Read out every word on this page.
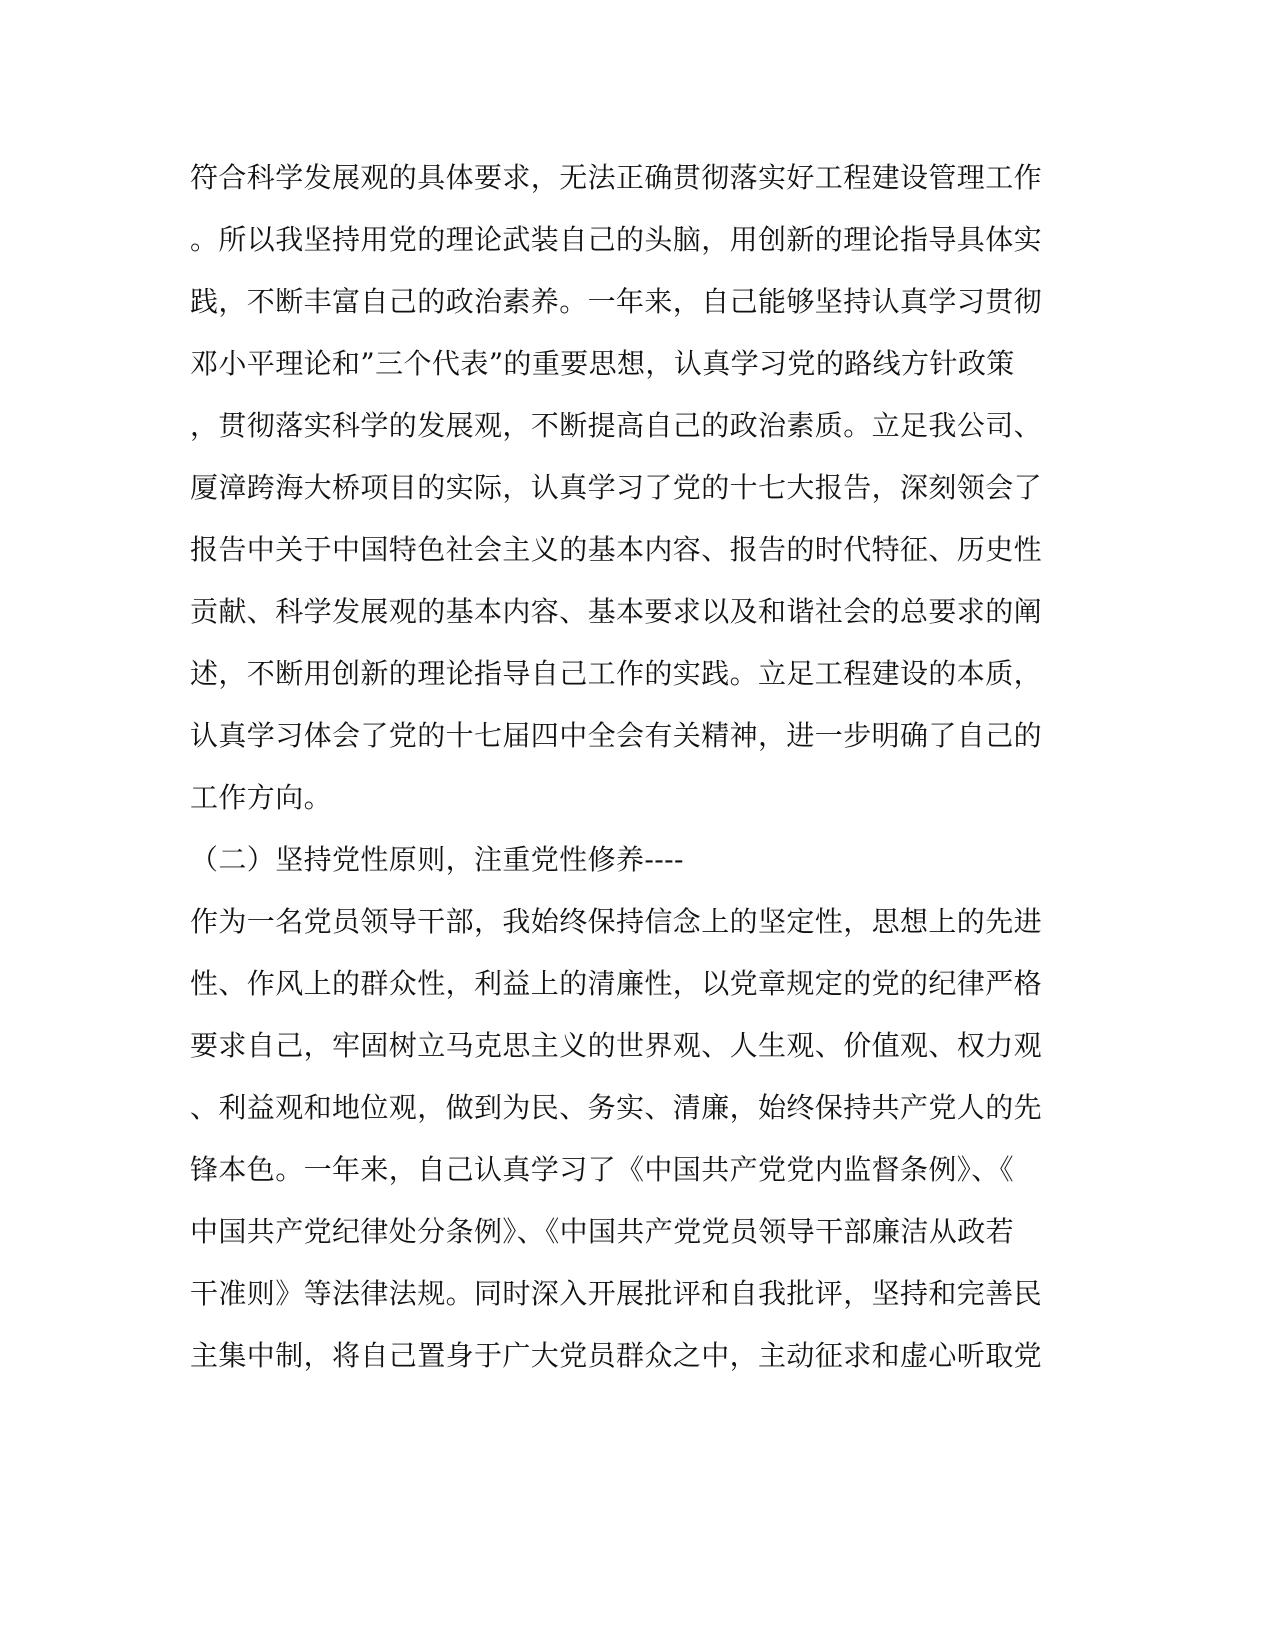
符合科学发展观的具体要求，无法正确贯彻落实好工程建设管理工作
。所以我坚持用党的理论武装自己的头脑，用创新的理论指导具体实
践，不断丰富自己的政治素养。一年来，自己能够坚持认真学习贯彻
邓小平理论和”三个代表”的重要思想，认真学习党的路线方针政策
，贯彻落实科学的发展观，不断提高自己的政治素质。立足我公司、
厦漳跨海大桥项目的实际，认真学习了党的十七大报告，深刻领会了
报告中关于中国特色社会主义的基本内容、报告的时代特征、历史性
贡献、科学发展观的基本内容、基本要求以及和谐社会的总要求的阐
述，不断用创新的理论指导自己工作的实践。立足工程建设的本质，
认真学习体会了党的十七届四中全会有关精神，进一步明确了自己的
工作方向。
（二）坚持党性原则，注重党性修养----
作为一名党员领导干部，我始终保持信念上的坚定性，思想上的先进
性、作风上的群众性，利益上的清廉性，以党章规定的党的纪律严格
要求自己，牢固树立马克思主义的世界观、人生观、价值观、权力观
、利益观和地位观，做到为民、务实、清廉，始终保持共产党人的先
锋本色。一年来，自己认真学习了《中国共产党党内监督条例》、《
中国共产党纪律处分条例》、《中国共产党党员领导干部廉洁从政若
干准则》等法律法规。同时深入开展批评和自我批评，坚持和完善民
主集中制，将自己置身于广大党员群众之中，主动征求和虚心听取党
